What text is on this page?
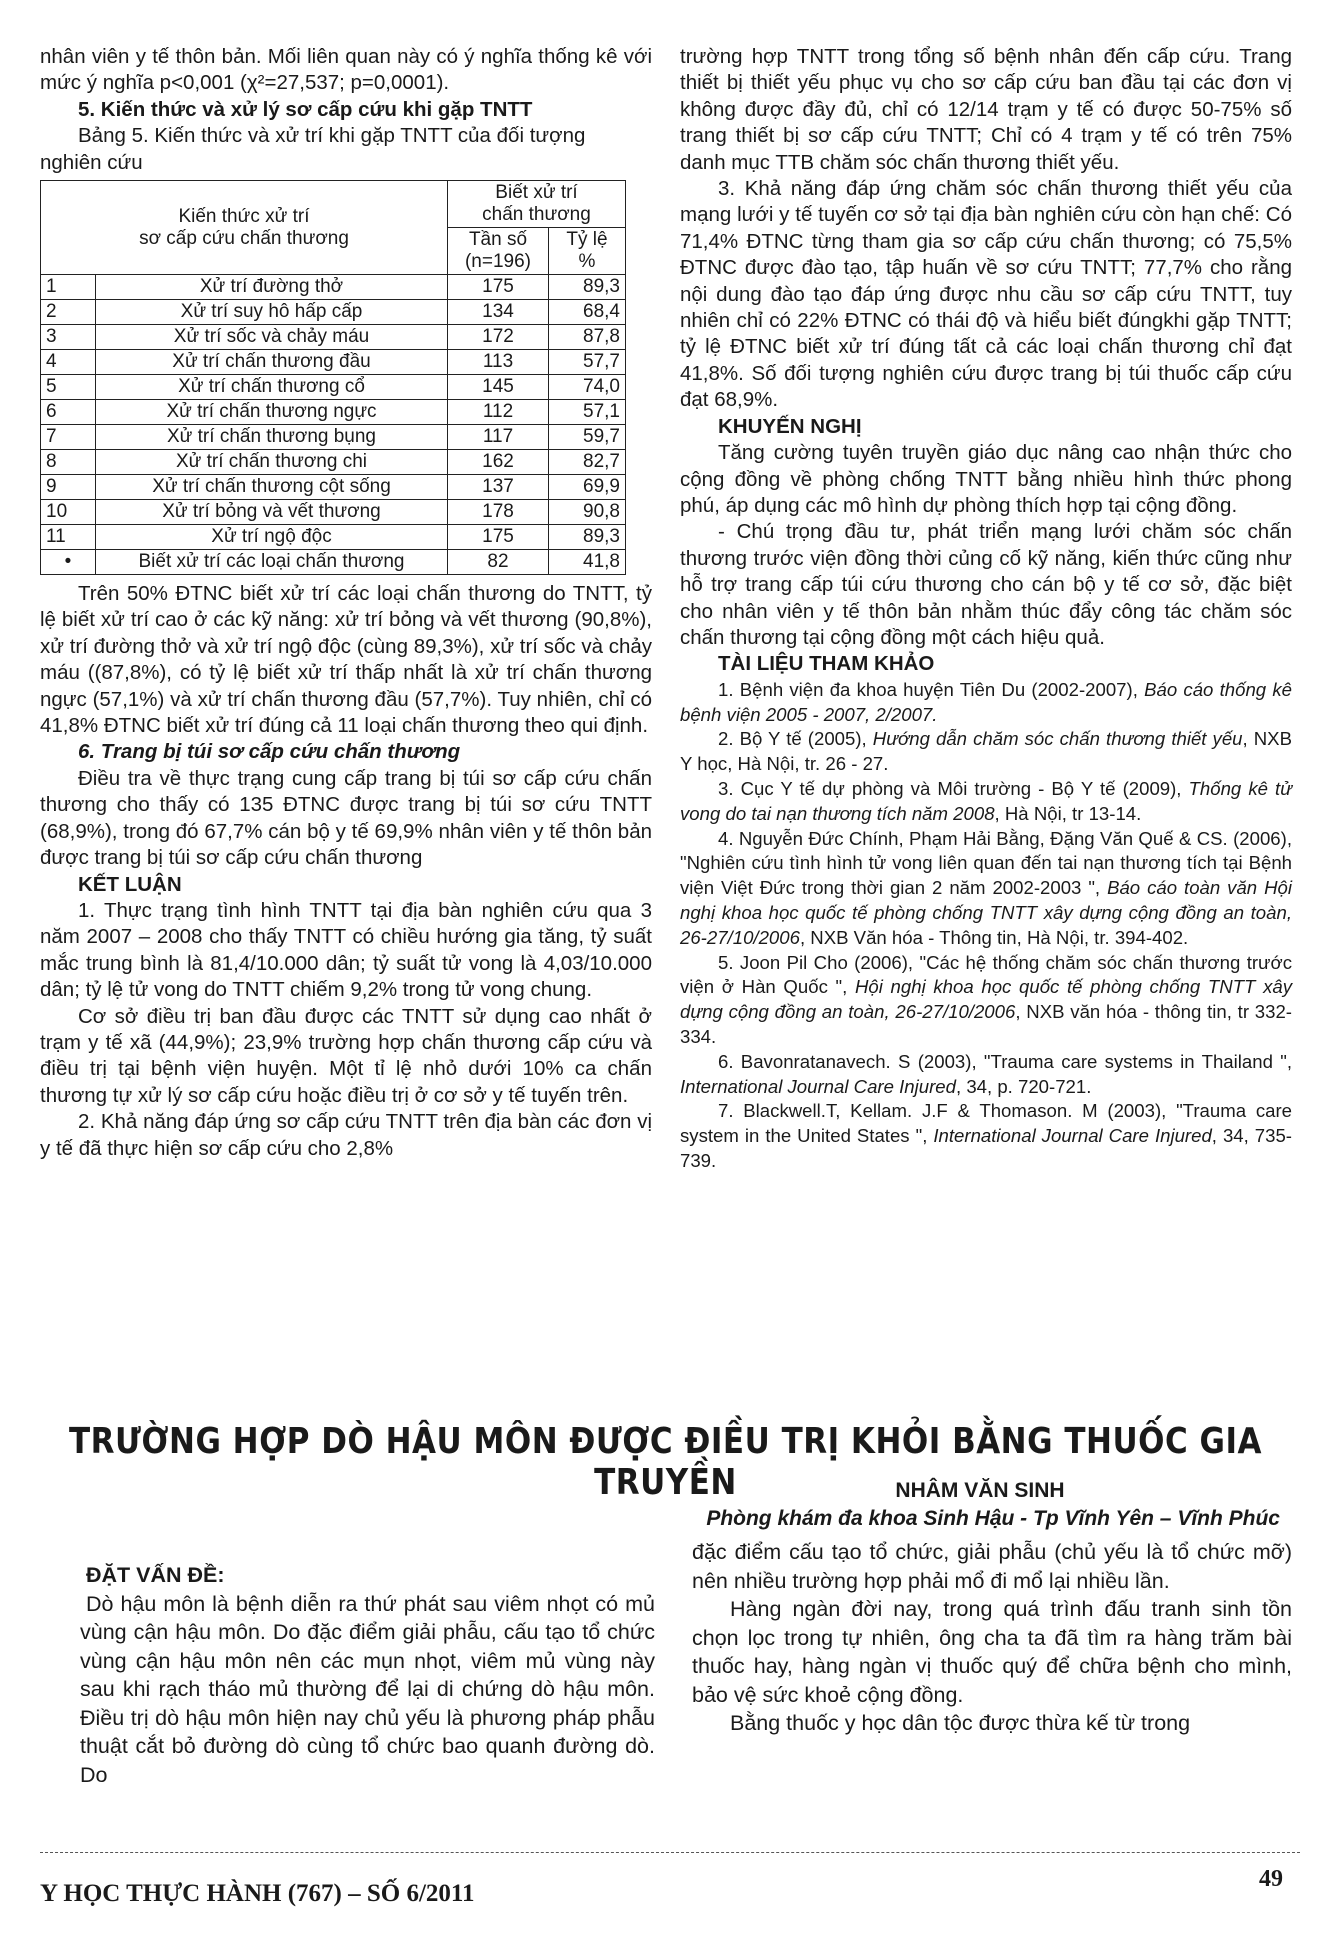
nhân viên y tế thôn bản. Mối liên quan này có ý nghĩa thống kê với mức ý nghĩa p<0,001 (χ²=27,537; p=0,0001).

5. Kiến thức và xử lý sơ cấp cứu khi gặp TNTT

Bảng 5. Kiến thức và xử trí khi gặp TNTT của đối tượng

nghiên cứu

Kiến thức xử trí
sơ cấp cứu chấn thương		Biết xử trí
chấn thương	
		Tần số
(n=196)	Tỷ lệ
%
1	Xử trí đường thở	175	89,3
2	Xử trí suy hô hấp cấp	134	68,4
3	Xử trí sốc và chảy máu	172	87,8
4	Xử trí chấn thương đầu	113	57,7
5	Xử trí chấn thương cổ	145	74,0
6	Xử trí chấn thương ngực	112	57,1
7	Xử trí chấn thương bụng	117	59,7
8	Xử trí chấn thương chi	162	82,7
9	Xử trí chấn thương cột sống	137	69,9
10	Xử trí bỏng và vết thương	178	90,8
11	Xử trí ngộ độc	175	89,3
•	Biết xử trí các loại chấn thương	82	41,8

Trên 50% ĐTNC biết xử trí các loại chấn thương do TNTT, tỷ lệ biết xử trí cao ở các kỹ năng: xử trí bỏng và vết thương (90,8%), xử trí đường thở và xử trí ngộ độc (cùng 89,3%), xử trí sốc và chảy máu ((87,8%), có tỷ lệ biết xử trí thấp nhất là xử trí chấn thương ngực (57,1%) và xử trí chấn thương đầu (57,7%). Tuy nhiên, chỉ có 41,8% ĐTNC biết xử trí đúng cả 11 loại chấn thương theo qui định.

6. Trang bị túi sơ cấp cứu chấn thương

Điều tra về thực trạng cung cấp trang bị túi sơ cấp cứu chấn thương cho thấy có 135 ĐTNC được trang bị túi sơ cứu TNTT (68,9%), trong đó 67,7% cán bộ y tế 69,9% nhân viên y tế thôn bản được trang bị túi sơ cấp cứu chấn thương

KẾT LUẬN

1. Thực trạng tình hình TNTT tại địa bàn nghiên cứu qua 3 năm 2007 – 2008 cho thấy TNTT có chiều hướng gia tăng, tỷ suất mắc trung bình là 81,4/10.000 dân; tỷ suất tử vong là 4,03/10.000 dân; tỷ lệ tử vong do TNTT chiếm 9,2% trong tử vong chung.

Cơ sở điều trị ban đầu được các TNTT sử dụng cao nhất ở trạm y tế xã (44,9%); 23,9% trường hợp chấn thương cấp cứu và điều trị tại bệnh viện huyện. Một tỉ lệ nhỏ dưới 10% ca chấn thương tự xử lý sơ cấp cứu hoặc điều trị ở cơ sở y tế tuyến trên.

2. Khả năng đáp ứng sơ cấp cứu TNTT trên địa bàn các đơn vị y tế đã thực hiện sơ cấp cứu cho 2,8%

trường hợp TNTT trong tổng số bệnh nhân đến cấp cứu. Trang thiết bị thiết yếu phục vụ cho sơ cấp cứu ban đầu tại các đơn vị không được đầy đủ, chỉ có 12/14 trạm y tế có được 50-75% số trang thiết bị sơ cấp cứu TNTT; Chỉ có 4 trạm y tế có trên 75% danh mục TTB chăm sóc chấn thương thiết yếu.

3. Khả năng đáp ứng chăm sóc chấn thương thiết yếu của mạng lưới y tế tuyến cơ sở tại địa bàn nghiên cứu còn hạn chế: Có 71,4% ĐTNC từng tham gia sơ cấp cứu chấn thương; có 75,5% ĐTNC được đào tạo, tập huấn về sơ cứu TNTT; 77,7% cho rằng nội dung đào tạo đáp ứng được nhu cầu sơ cấp cứu TNTT, tuy nhiên chỉ có 22% ĐTNC có thái độ và hiểu biết đúngkhi gặp TNTT; tỷ lệ ĐTNC biết xử trí đúng tất cả các loại chấn thương chỉ đạt 41,8%. Số đối tượng nghiên cứu được trang bị túi thuốc cấp cứu đạt 68,9%.

KHUYẾN NGHỊ

Tăng cường tuyên truyền giáo dục nâng cao nhận thức cho cộng đồng về phòng chống TNTT bằng nhiều hình thức phong phú, áp dụng các mô hình dự phòng thích hợp tại cộng đồng.

- Chú trọng đầu tư, phát triển mạng lưới chăm sóc chấn thương trước viện đồng thời củng cố kỹ năng, kiến thức cũng như hỗ trợ trang cấp túi cứu thương cho cán bộ y tế cơ sở, đặc biệt cho nhân viên y tế thôn bản nhằm thúc đẩy công tác chăm sóc chấn thương tại cộng đồng một cách hiệu quả.

TÀI LIỆU THAM KHẢO

1. Bệnh viện đa khoa huyện Tiên Du (2002-2007), Báo cáo thống kê bệnh viện 2005 - 2007, 2/2007.

2. Bộ Y tế (2005), Hướng dẫn chăm sóc chấn thương thiết yếu, NXB Y học, Hà Nội, tr. 26 - 27.

3. Cục Y tế dự phòng và Môi trường - Bộ Y tế (2009), Thống kê tử vong do tai nạn thương tích năm 2008, Hà Nội, tr 13-14.

4. Nguyễn Đức Chính, Phạm Hải Bằng, Đặng Văn Quế & CS. (2006), "Nghiên cứu tình hình tử vong liên quan đến tai nạn thương tích tại Bệnh viện Việt Đức trong thời gian 2 năm 2002-2003 ", Báo cáo toàn văn Hội nghị khoa học quốc tế phòng chống TNTT xây dựng cộng đồng an toàn, 26-27/10/2006, NXB Văn hóa - Thông tin, Hà Nội, tr. 394-402.

5. Joon Pil Cho (2006), "Các hệ thống chăm sóc chấn thương trước viện ở Hàn Quốc ", Hội nghị khoa học quốc tế phòng chống TNTT xây dựng cộng đồng an toàn, 26-27/10/2006, NXB văn hóa - thông tin, tr 332-334.

6. Bavonratanavech. S (2003), "Trauma care systems in Thailand ", International Journal Care Injured, 34, p. 720-721.

7. Blackwell.T, Kellam. J.F & Thomason. M (2003), "Trauma care system in the United States ", International Journal Care Injured, 34, 735-739.

TRƯỜNG HỢP DÒ HẬU MÔN ĐƯỢC ĐIỀU TRỊ KHỎI BẰNG THUỐC GIA TRUYỀN	NHÂM VĂN SINH
Phòng khám đa khoa Sinh Hậu - Tp Vĩnh Yên – Vĩnh Phúc

ĐẶT VẤN ĐỀ:

Dò hậu môn là bệnh diễn ra thứ phát sau viêm nhọt có mủ vùng cận hậu môn. Do đặc điểm giải phẫu, cấu tạo tổ chức vùng cận hậu môn nên các mụn nhọt, viêm mủ vùng này sau khi rạch tháo mủ thường để lại di chứng dò hậu môn. Điều trị dò hậu môn hiện nay chủ yếu là phương pháp phẫu thuật cắt bỏ đường dò cùng tổ chức bao quanh đường dò. Do

đặc điểm cấu tạo tổ chức, giải phẫu (chủ yếu là tổ chức mỡ) nên nhiều trường hợp phải mổ đi mổ lại nhiều lần.

Hàng ngàn đời nay, trong quá trình đấu tranh sinh tồn chọn lọc trong tự nhiên, ông cha ta đã tìm ra hàng trăm bài thuốc hay, hàng ngàn vị thuốc quý để chữa bệnh cho mình, bảo vệ sức khoẻ cộng đồng.

Bằng thuốc y học dân tộc được thừa kế từ trong

Y HỌC THỰC HÀNH (767) – SỐ 6/2011
49
